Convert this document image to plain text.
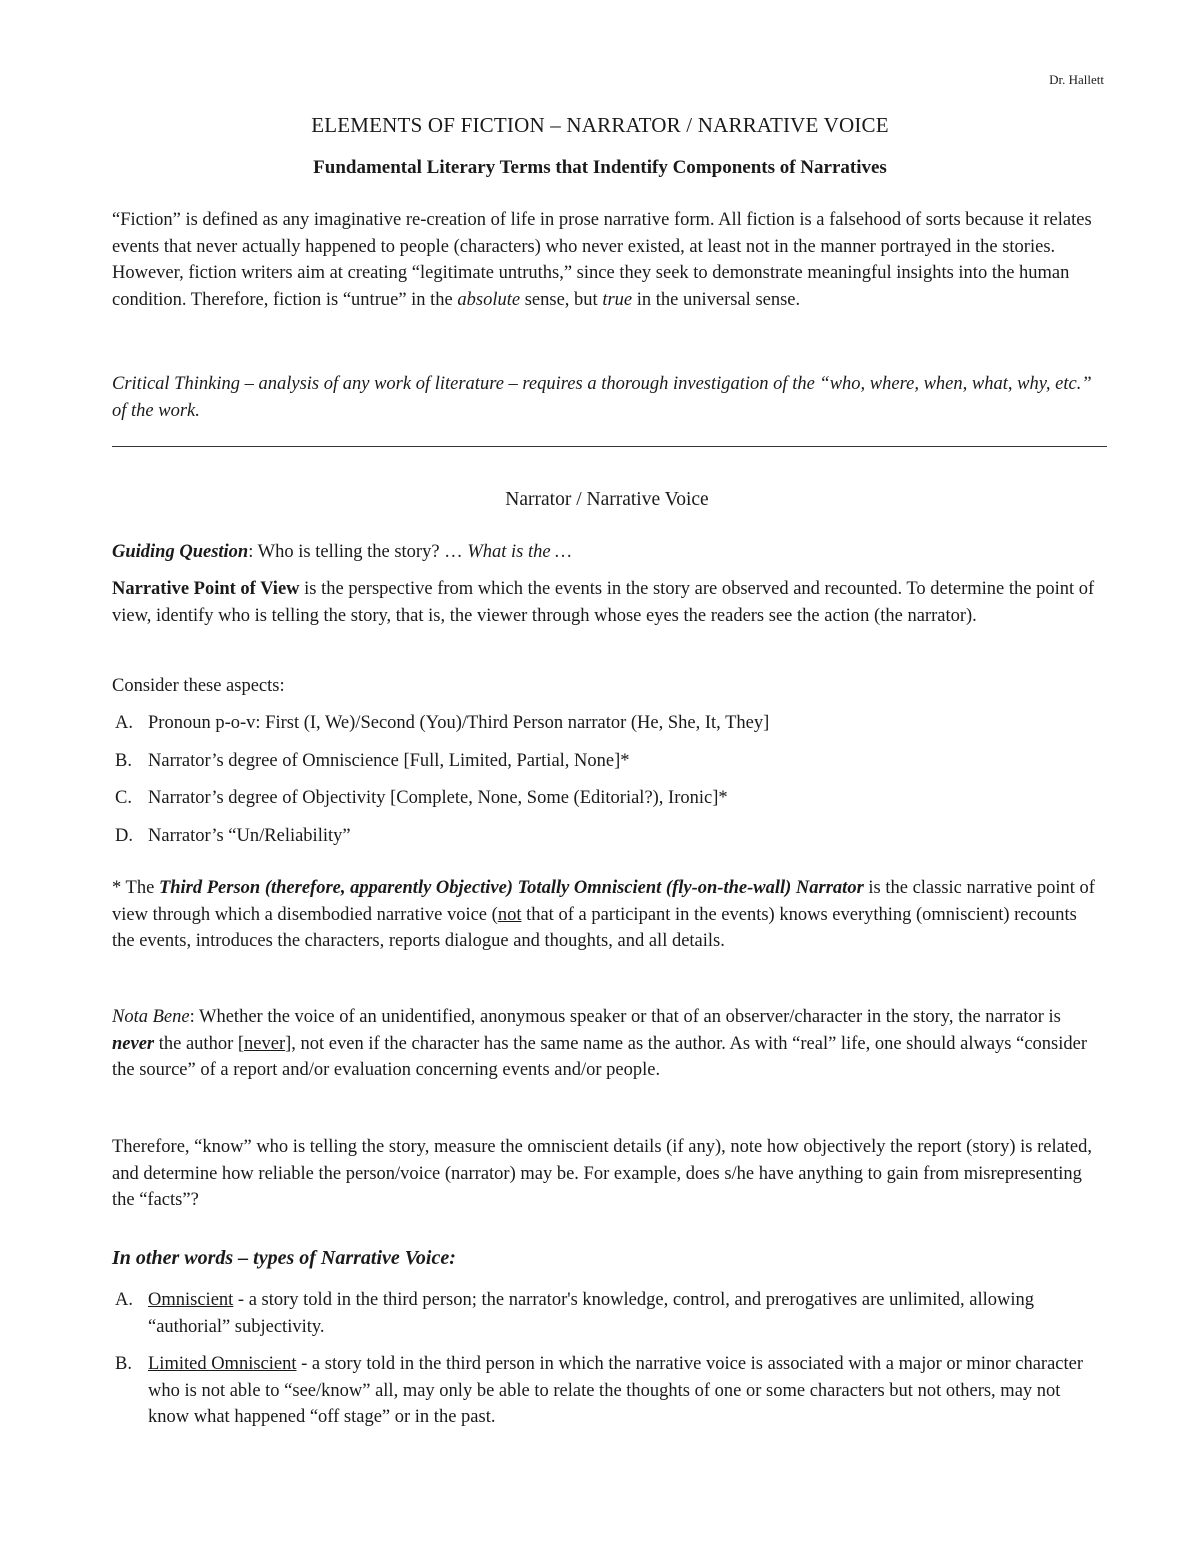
Dr. Hallett
ELEMENTS OF FICTION – NARRATOR / NARRATIVE VOICE
Fundamental Literary Terms that Indentify Components of Narratives

“Fiction” is defined as any imaginative re-creation of life in prose narrative form. All fiction is a falsehood of sorts because it relates events that never actually happened to people (characters) who never existed, at least not in the manner portrayed in the stories. However, fiction writers aim at creating “legitimate untruths,” since they seek to demonstrate meaningful insights into the human condition. Therefore, fiction is “untrue” in the absolute sense, but true in the universal sense.

Critical Thinking – analysis of any work of literature – requires a thorough investigation of the “who, where, when, what, why, etc.” of the work.

Narrator / Narrative Voice

Guiding Question: Who is telling the story? … What is the …

Narrative Point of View is the perspective from which the events in the story are observed and recounted. To determine the point of view, identify who is telling the story, that is, the viewer through whose eyes the readers see the action (the narrator).

Consider these aspects:

A. Pronoun p-o-v: First (I, We)/Second (You)/Third Person narrator (He, She, It, They]
B. Narrator’s degree of Omniscience [Full, Limited, Partial, None]*
C. Narrator’s degree of Objectivity [Complete, None, Some (Editorial?), Ironic]*
D. Narrator’s “Un/Reliability”

* The Third Person (therefore, apparently Objective) Totally Omniscient (fly-on-the-wall) Narrator is the classic narrative point of view through which a disembodied narrative voice (not that of a participant in the events) knows everything (omniscient) recounts the events, introduces the characters, reports dialogue and thoughts, and all details.

Nota Bene: Whether the voice of an unidentified, anonymous speaker or that of an observer/character in the story, the narrator is never the author [never], not even if the character has the same name as the author. As with “real” life, one should always “consider the source” of a report and/or evaluation concerning events and/or people.

Therefore, “know” who is telling the story, measure the omniscient details (if any), note how objectively the report (story) is related, and determine how reliable the person/voice (narrator) may be. For example, does s/he have anything to gain from misrepresenting the “facts”?

In other words – types of Narrative Voice:
A. Omniscient - a story told in the third person; the narrator's knowledge, control, and prerogatives are unlimited, allowing “authorial” subjectivity.
B. Limited Omniscient - a story told in the third person in which the narrative voice is associated with a major or minor character who is not able to “see/know” all, may only be able to relate the thoughts of one or some characters but not others, may not know what happened “off stage” or in the past.
